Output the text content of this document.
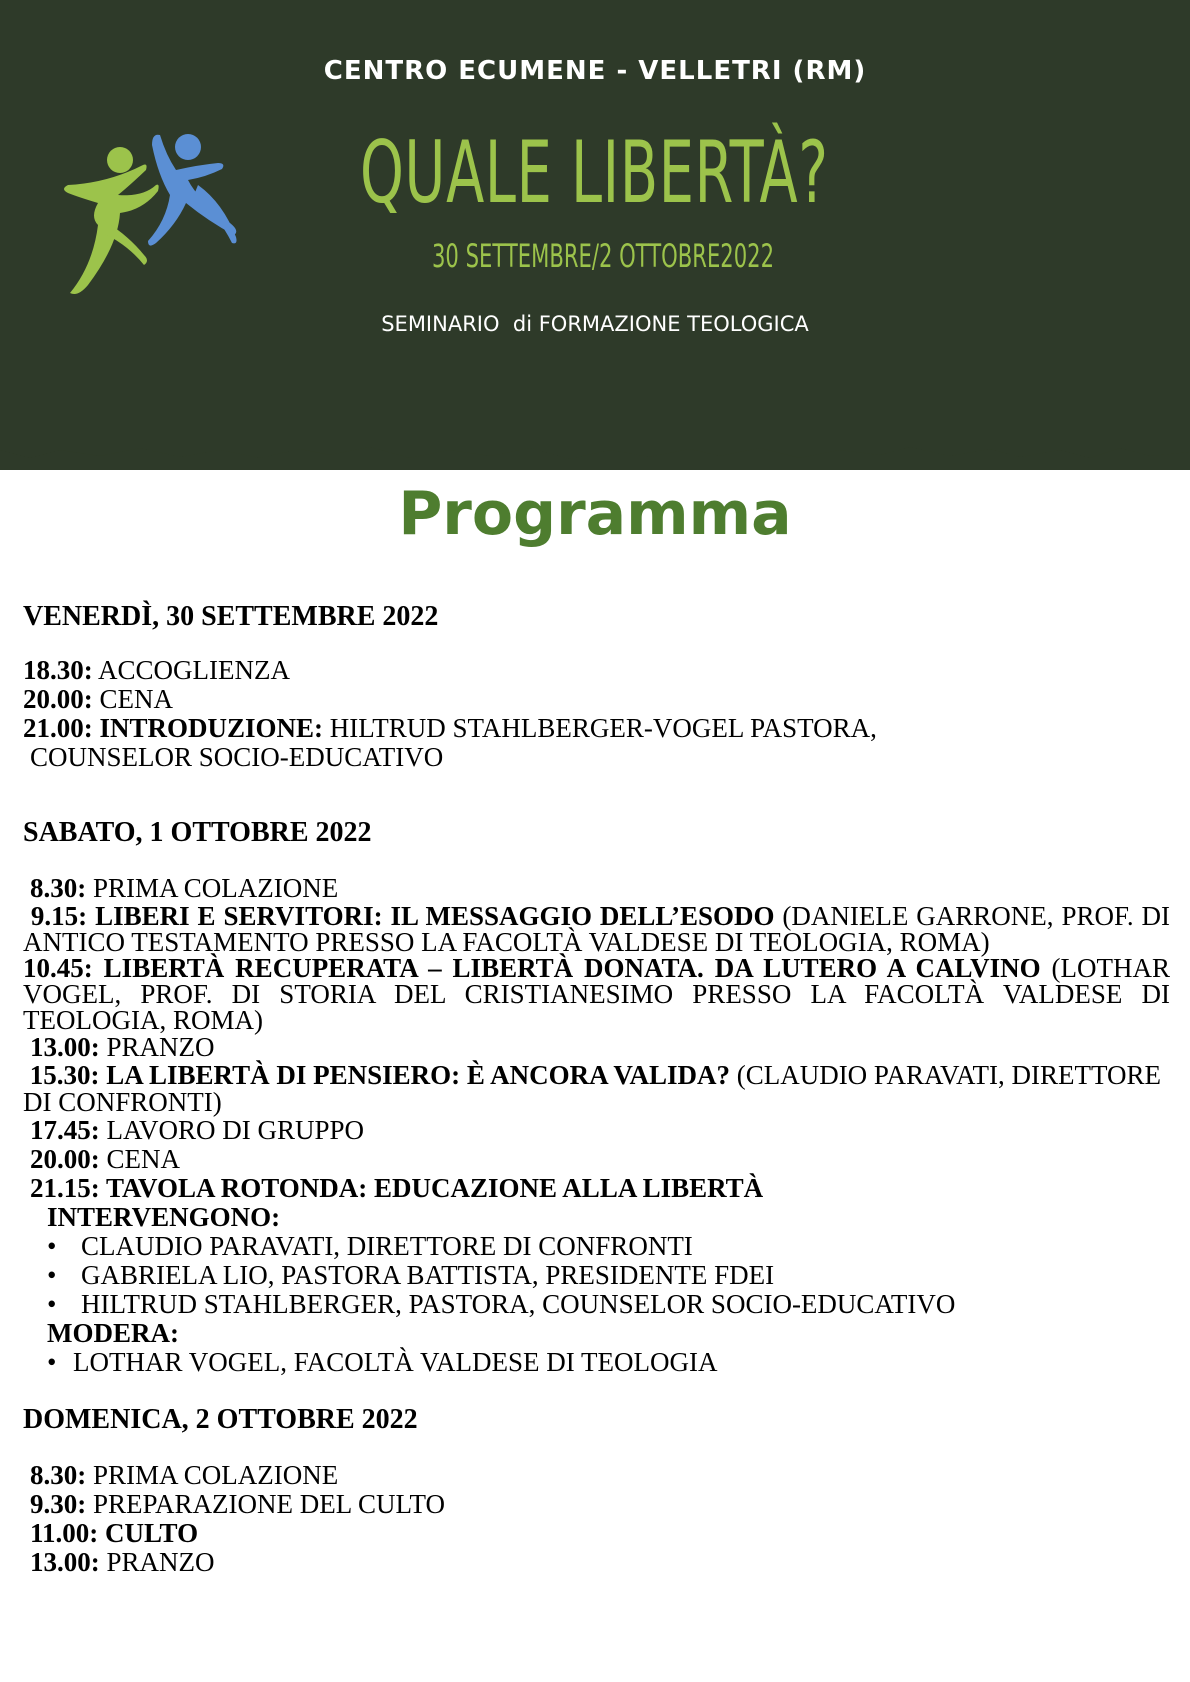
CENTRO ECUMENE - VELLETRI (RM)
QUALE LIBERTÀ?
30 SETTEMBRE/2 OTTOBRE2022
SEMINARIO  di FORMAZIONE TEOLOGICA
Programma

VENERDÌ, 30 SETTEMBRE 2022

18.30: ACCOGLIENZA

20.00: CENA

21.00: INTRODUZIONE: HILTRUD STAHLBERGER-VOGEL PASTORA,

COUNSELOR SOCIO-EDUCATIVO

SABATO, 1 OTTOBRE 2022

8.30: PRIMA COLAZIONE

9.15: LIBERI E SERVITORI: IL MESSAGGIO DELL’ESODO (DANIELE GARRONE, PROF. DI ANTICO TESTAMENTO PRESSO LA FACOLTÀ VALDESE DI TEOLOGIA, ROMA)

10.45: LIBERTÀ RECUPERATA – LIBERTÀ DONATA. DA LUTERO A CALVINO (LOTHAR VOGEL, PROF. DI STORIA DEL CRISTIANESIMO PRESSO LA FACOLTÀ VALDESE DI TEOLOGIA, ROMA)

13.00: PRANZO

15.30: LA LIBERTÀ DI PENSIERO: È ANCORA VALIDA? (CLAUDIO PARAVATI, DIRETTORE DI CONFRONTI)

17.45: LAVORO DI GRUPPO

20.00: CENA

21.15: TAVOLA ROTONDA: EDUCAZIONE ALLA LIBERTÀ

INTERVENGONO:

• CLAUDIO PARAVATI, DIRETTORE DI CONFRONTI

• GABRIELA LIO, PASTORA BATTISTA, PRESIDENTE FDEI

• HILTRUD STAHLBERGER, PASTORA, COUNSELOR SOCIO-EDUCATIVO

MODERA:

• LOTHAR VOGEL, FACOLTÀ VALDESE DI TEOLOGIA

DOMENICA, 2 OTTOBRE 2022

8.30: PRIMA COLAZIONE

9.30: PREPARAZIONE DEL CULTO

11.00: CULTO

13.00: PRANZO
